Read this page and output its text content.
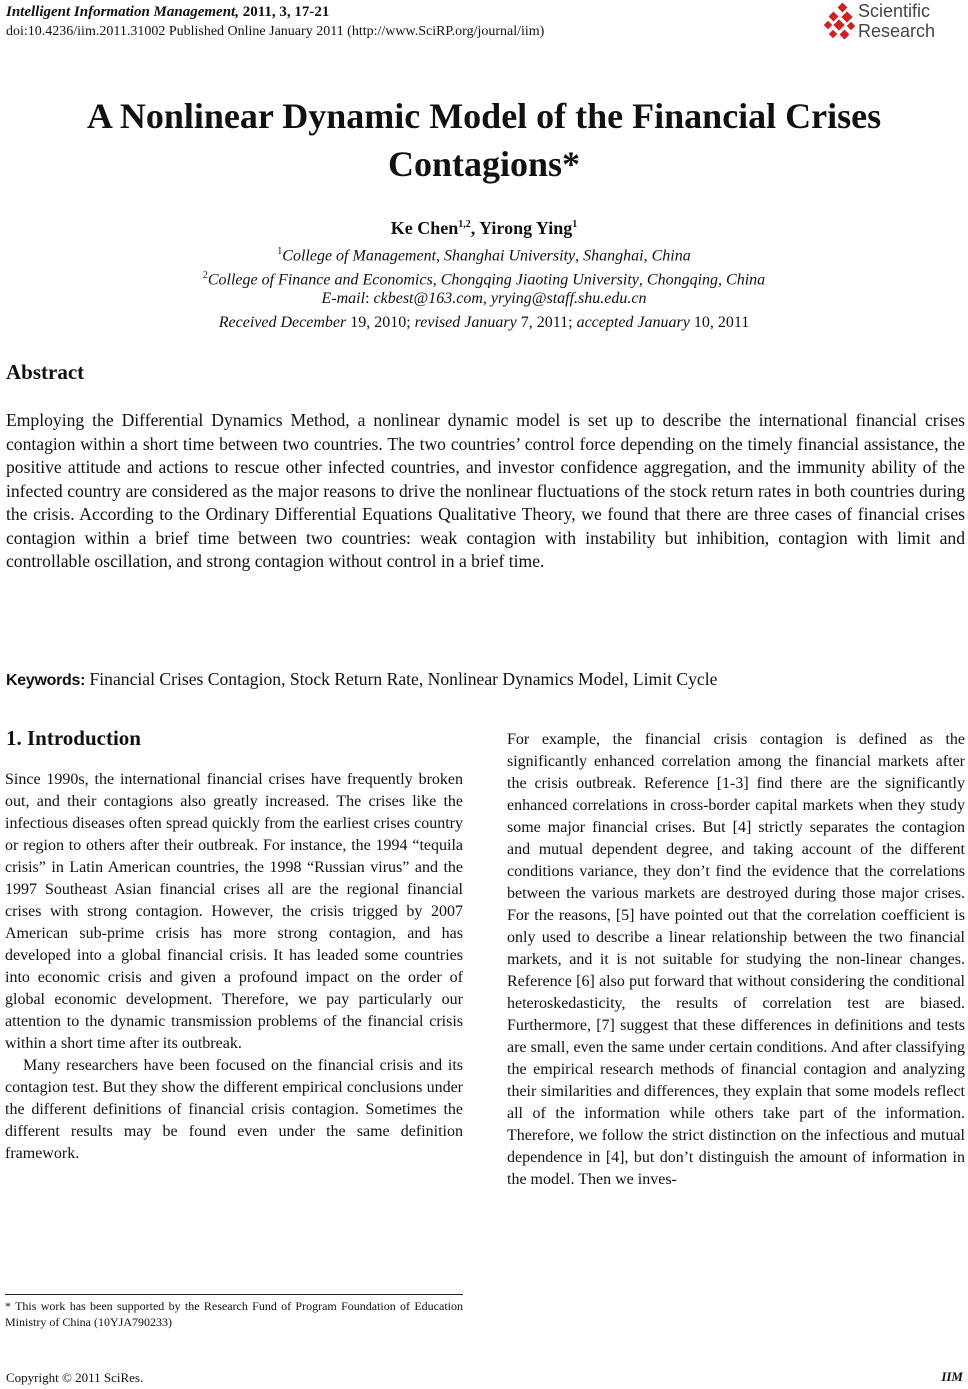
Intelligent Information Management, 2011, 3, 17-21
doi:10.4236/iim.2011.31002 Published Online January 2011 (http://www.SciRP.org/journal/iim)
Scientific
Research
A Nonlinear Dynamic Model of the Financial Crises
Contagions*
Ke Chen$^{1,2}$, Yirong Ying$^1$
$^1$College of Management, Shanghai University, Shanghai, China
$^2$College of Finance and Economics, Chongqing Jiaoting University, Chongqing, China
E-mail: ckbest@163.com, yrying@staff.shu.edu.cn
Received December 19, 2010; revised January 7, 2011; accepted January 10, 2011
Abstract

Employing the Differential Dynamics Method, a nonlinear dynamic model is set up to describe the international financial crises contagion within a short time between two countries. The two countries’ control force depending on the timely financial assistance, the positive attitude and actions to rescue other infected countries, and investor confidence aggregation, and the immunity ability of the infected country are considered as the major reasons to drive the nonlinear fluctuations of the stock return rates in both countries during the crisis. According to the Ordinary Differential Equations Qualitative Theory, we found that there are three cases of financial crises contagion within a brief time between two countries: weak contagion with instability but inhibition, contagion with limit and controllable oscillation, and strong contagion without control in a brief time.

Keywords: Financial Crises Contagion, Stock Return Rate, Nonlinear Dynamics Model, Limit Cycle
1. Introduction

Since 1990s, the international financial crises have frequently broken out, and their contagions also greatly increased. The crises like the infectious diseases often spread quickly from the earliest crises country or region to others after their outbreak. For instance, the 1994 “tequila crisis” in Latin American countries, the 1998 “Russian virus” and the 1997 Southeast Asian financial crises all are the regional financial crises with strong contagion. However, the crisis trigged by 2007 American sub-prime crisis has more strong contagion, and has developed into a global financial crisis. It has leaded some countries into economic crisis and given a profound impact on the order of global economic development. Therefore, we pay particularly our attention to the dynamic transmission problems of the financial crisis within a short time after its outbreak.

Many researchers have been focused on the financial crisis and its contagion test. But they show the different empirical conclusions under the different definitions of financial crisis contagion. Sometimes the different results may be found even under the same definition framework.

For example, the financial crisis contagion is defined as the significantly enhanced correlation among the financial markets after the crisis outbreak. Reference [1-3] find there are the significantly enhanced correlations in cross-border capital markets when they study some major financial crises. But [4] strictly separates the contagion and mutual dependent degree, and taking account of the different conditions variance, they don’t find the evidence that the correlations between the various markets are destroyed during those major crises. For the reasons, [5] have pointed out that the correlation coefficient is only used to describe a linear relationship between the two financial markets, and it is not suitable for studying the non-linear changes. Reference [6] also put forward that without considering the conditional heteroskedasticity, the results of correlation test are biased. Furthermore, [7] suggest that these differences in definitions and tests are small, even the same under certain conditions. And after classifying the empirical research methods of financial contagion and analyzing their similarities and differences, they explain that some models reflect all of the information while others take part of the information. Therefore, we follow the strict distinction on the infectious and mutual dependence in [4], but don’t distinguish the amount of information in the model. Then we inves-

* This work has been supported by the Research Fund of Program Foundation of Education Ministry of China (10YJA790233)
Copyright © 2011 SciRes.	IIM
